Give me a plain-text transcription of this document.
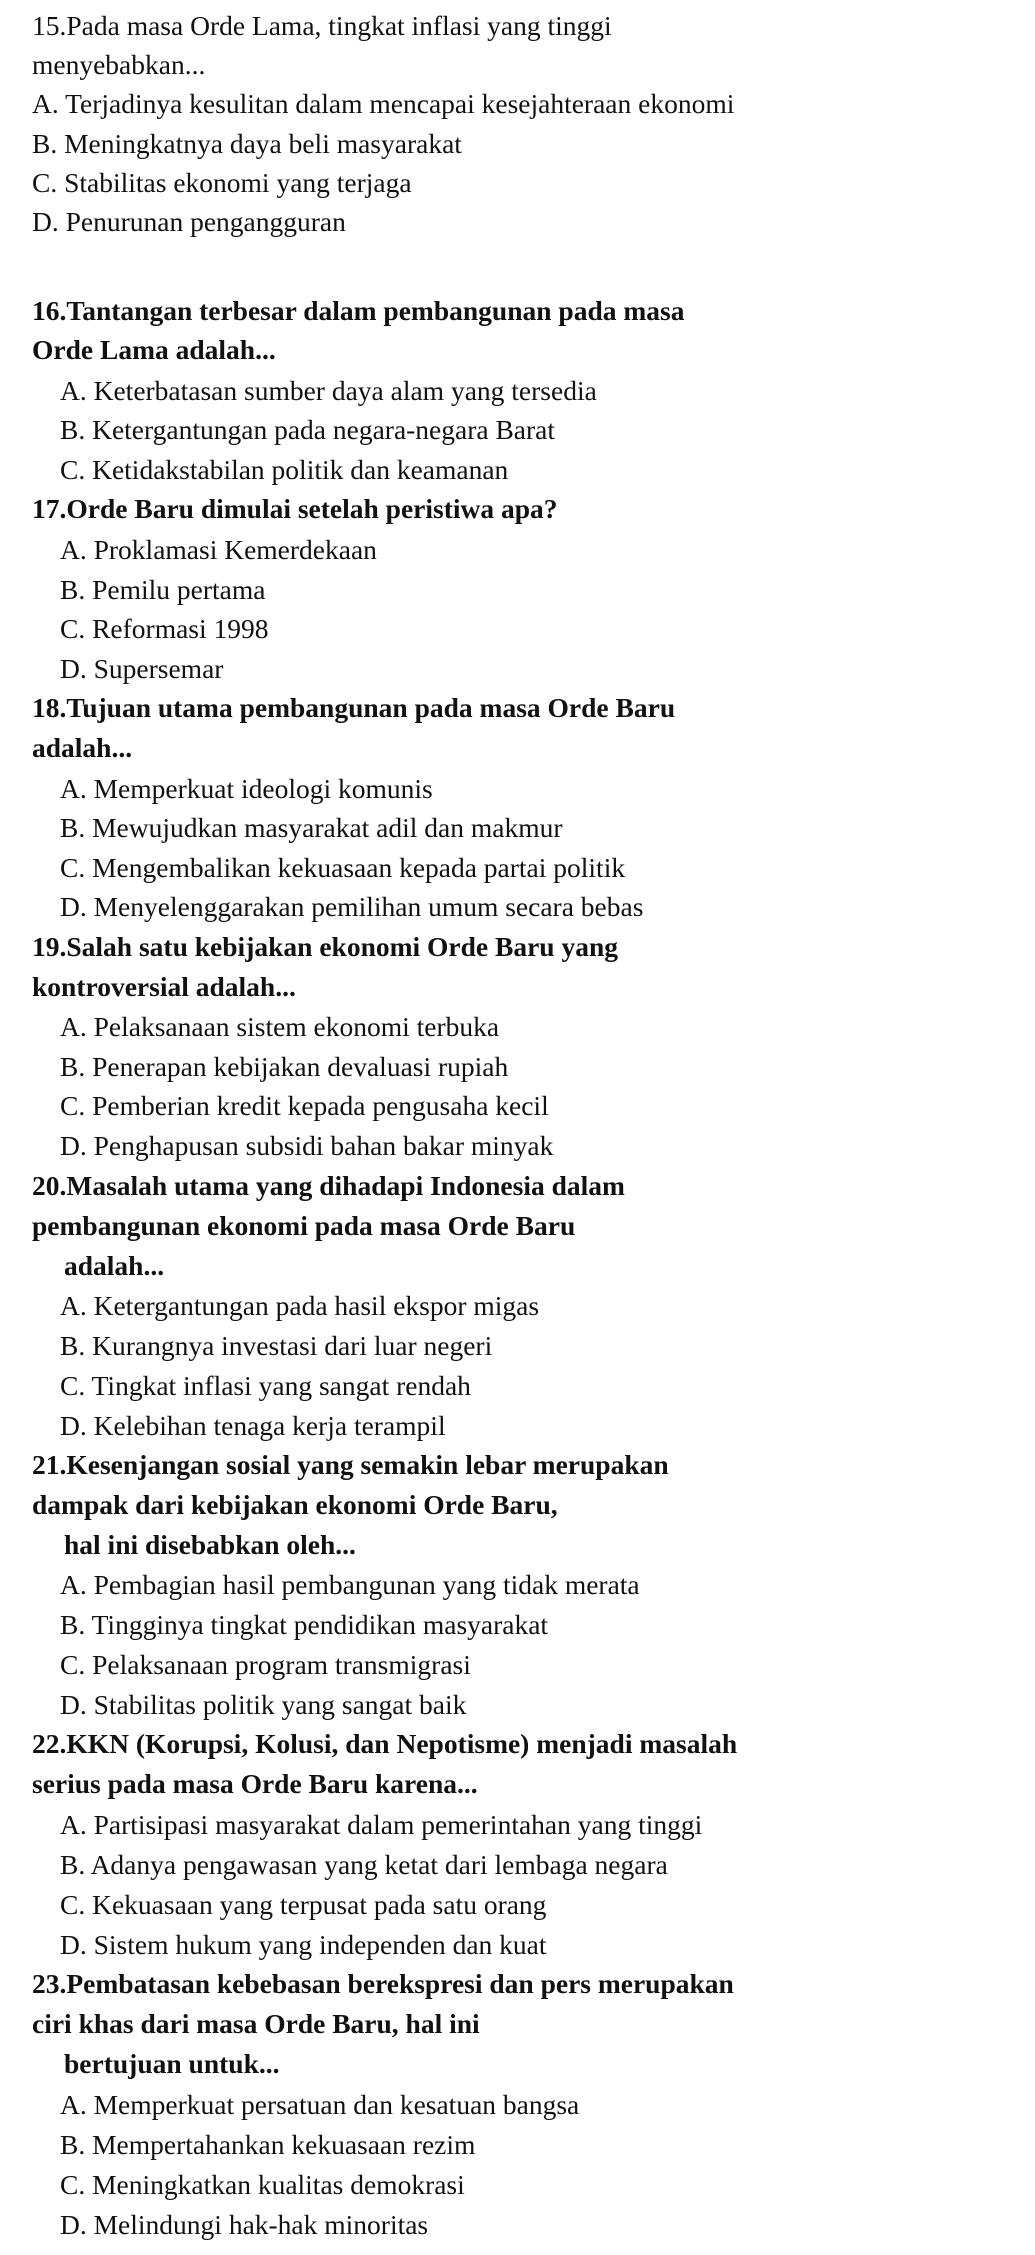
15.Pada masa Orde Lama, tingkat inflasi yang tinggi
menyebabkan...
A. Terjadinya kesulitan dalam mencapai kesejahteraan ekonomi
B. Meningkatnya daya beli masyarakat
C. Stabilitas ekonomi yang terjaga
D. Penurunan pengangguran
16.Tantangan terbesar dalam pembangunan pada masa
Orde Lama adalah...
A. Keterbatasan sumber daya alam yang tersedia
B. Ketergantungan pada negara-negara Barat
C. Ketidakstabilan politik dan keamanan
17.Orde Baru dimulai setelah peristiwa apa?
A. Proklamasi Kemerdekaan
B. Pemilu pertama
C. Reformasi 1998
D. Supersemar
18.Tujuan utama pembangunan pada masa Orde Baru
adalah...
A. Memperkuat ideologi komunis
B. Mewujudkan masyarakat adil dan makmur
C. Mengembalikan kekuasaan kepada partai politik
D. Menyelenggarakan pemilihan umum secara bebas
19.Salah satu kebijakan ekonomi Orde Baru yang
kontroversial adalah...
A. Pelaksanaan sistem ekonomi terbuka
B. Penerapan kebijakan devaluasi rupiah
C. Pemberian kredit kepada pengusaha kecil
D. Penghapusan subsidi bahan bakar minyak
20.Masalah utama yang dihadapi Indonesia dalam
pembangunan ekonomi pada masa Orde Baru
adalah...
A. Ketergantungan pada hasil ekspor migas
B. Kurangnya investasi dari luar negeri
C. Tingkat inflasi yang sangat rendah
D. Kelebihan tenaga kerja terampil
21.Kesenjangan sosial yang semakin lebar merupakan
dampak dari kebijakan ekonomi Orde Baru,
hal ini disebabkan oleh...
A. Pembagian hasil pembangunan yang tidak merata
B. Tingginya tingkat pendidikan masyarakat
C. Pelaksanaan program transmigrasi
D. Stabilitas politik yang sangat baik
22.KKN (Korupsi, Kolusi, dan Nepotisme) menjadi masalah
serius pada masa Orde Baru karena...
A. Partisipasi masyarakat dalam pemerintahan yang tinggi
B. Adanya pengawasan yang ketat dari lembaga negara
C. Kekuasaan yang terpusat pada satu orang
D. Sistem hukum yang independen dan kuat
23.Pembatasan kebebasan berekspresi dan pers merupakan
ciri khas dari masa Orde Baru, hal ini
bertujuan untuk...
A. Memperkuat persatuan dan kesatuan bangsa
B. Mempertahankan kekuasaan rezim
C. Meningkatkan kualitas demokrasi
D. Melindungi hak-hak minoritas
